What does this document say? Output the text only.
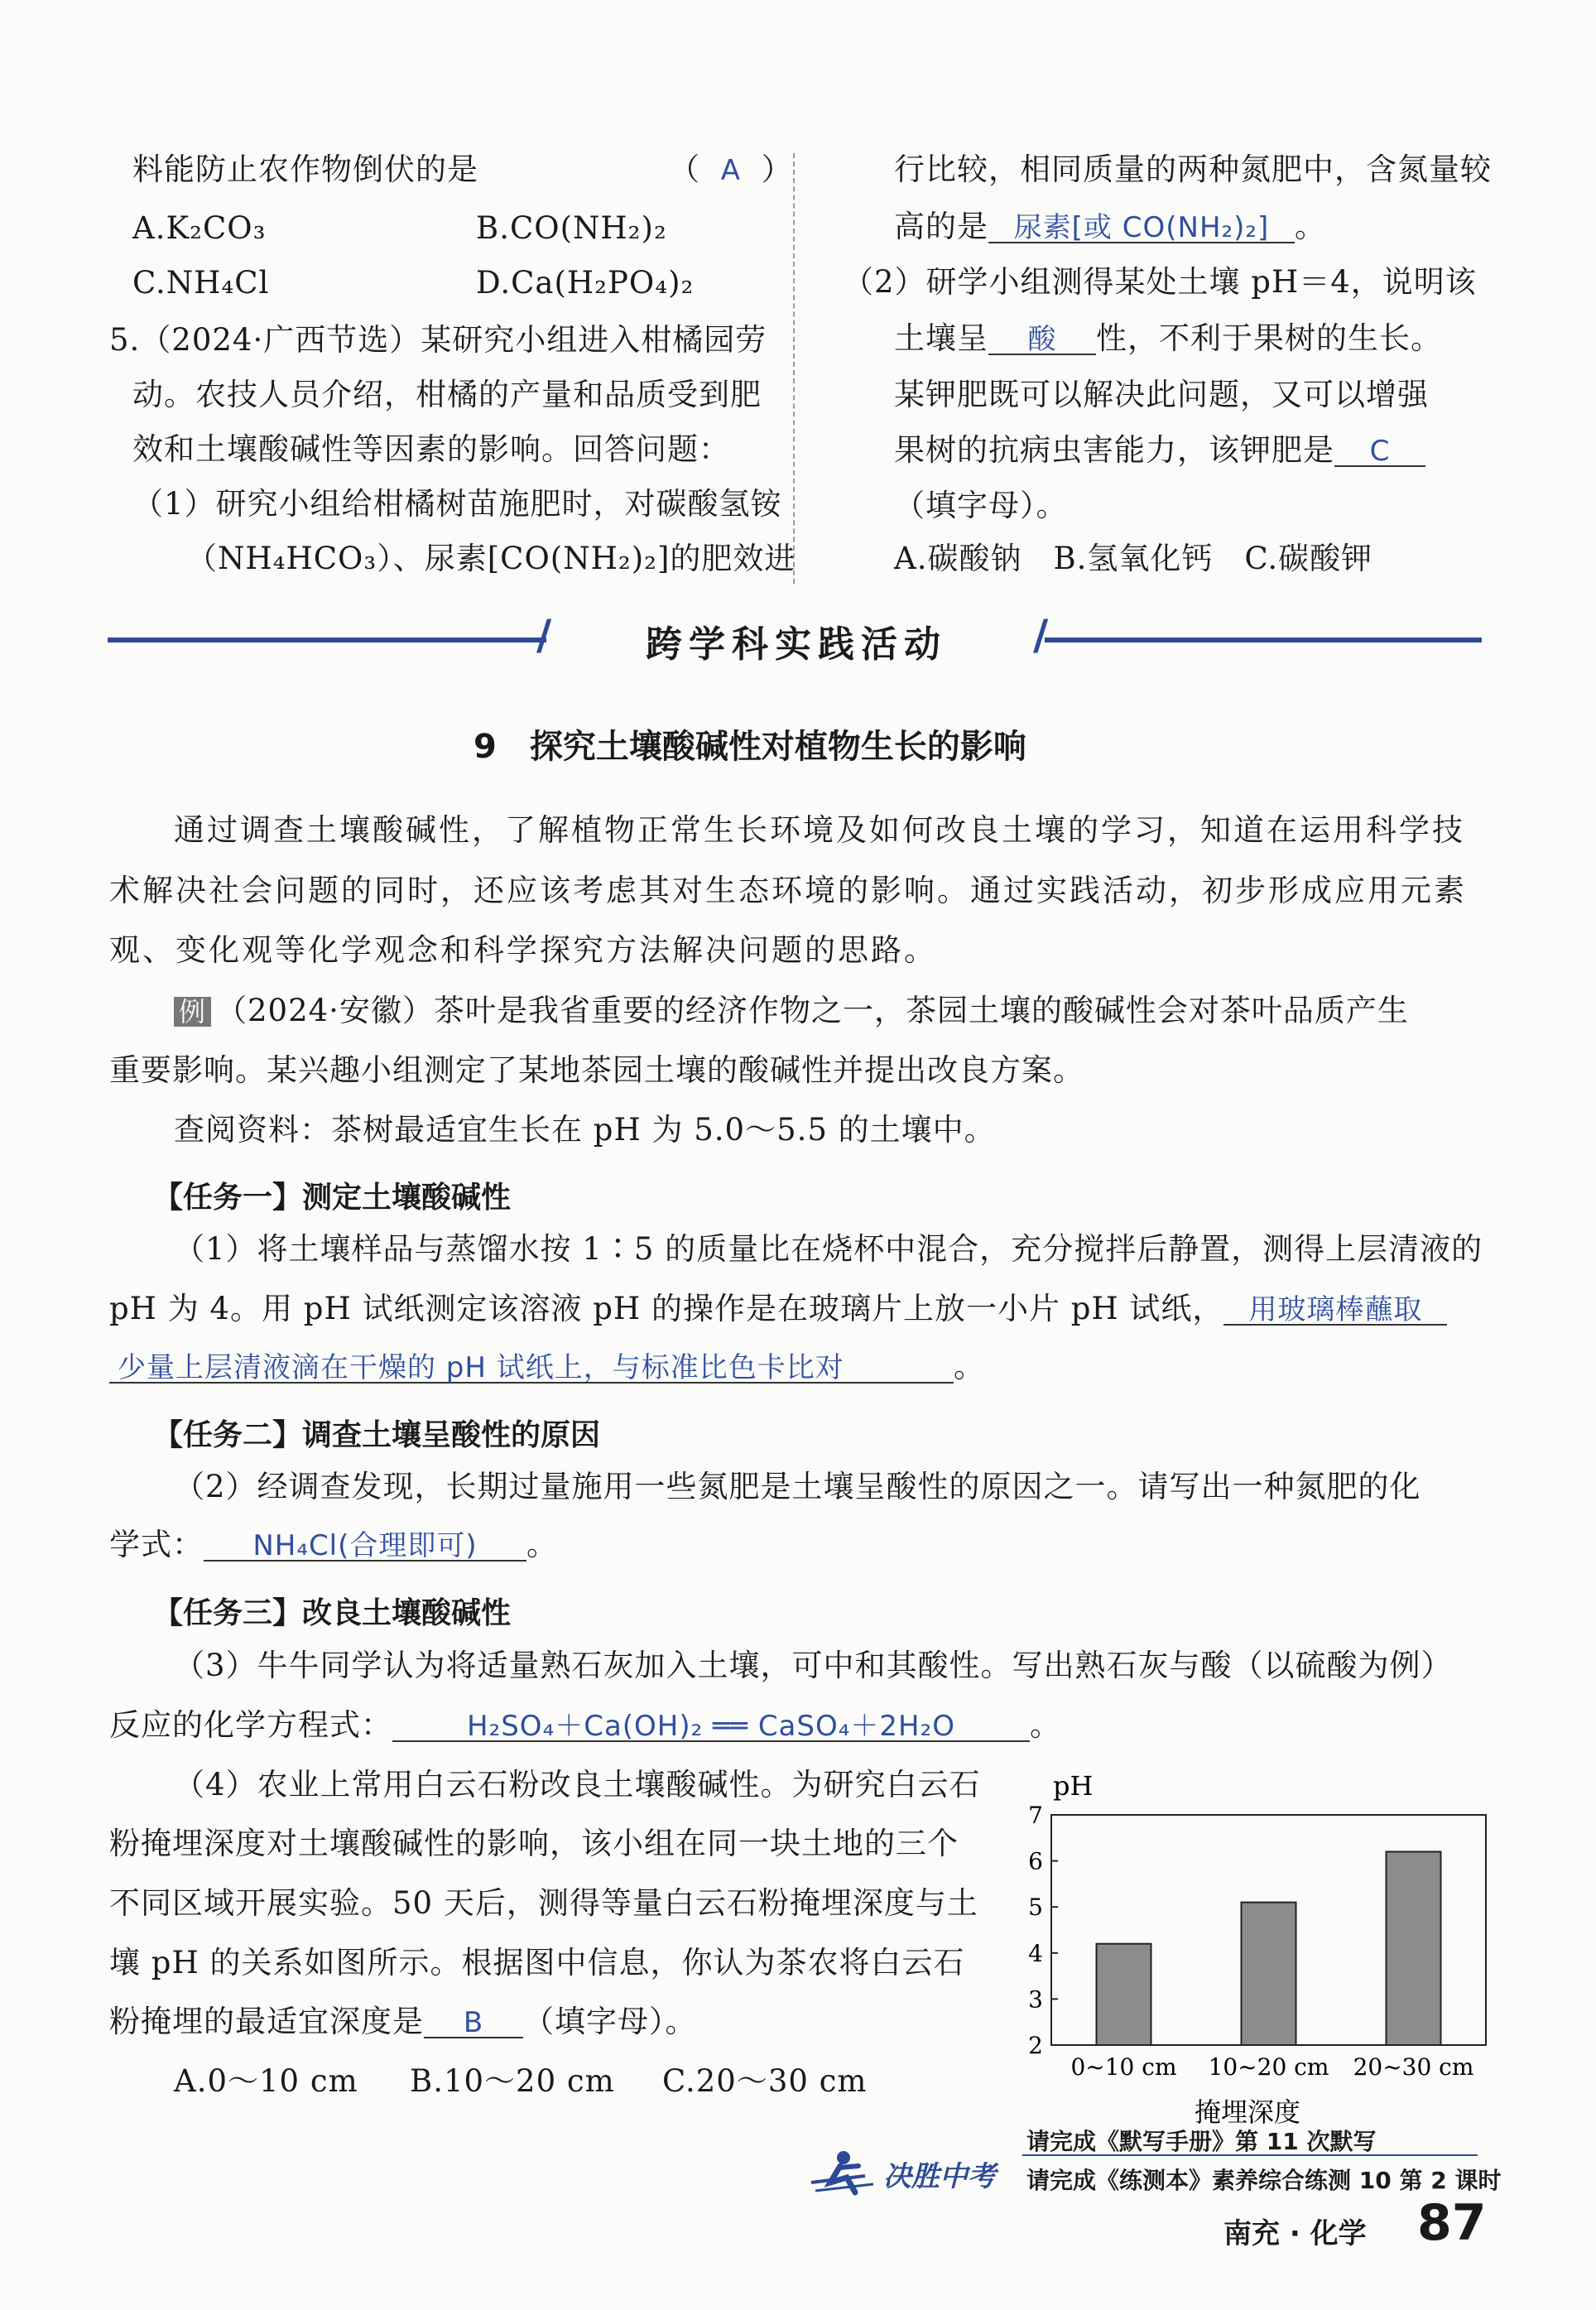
料能防止农作物倒伏的是	（ A ）
A.K₂CO₃	B.CO(NH₂)₂
C.NH₄Cl	D.Ca(H₂PO₄)₂
5.（2024·广西节选）某研究小组进入柑橘园劳
动。农技人员介绍，柑橘的产量和品质受到肥
效和土壤酸碱性等因素的影响。回答问题：
（1）研究小组给柑橘树苗施肥时，对碳酸氢铵
（NH₄HCO₃）、尿素[CO(NH₂)₂]的肥效进
行比较，相同质量的两种氮肥中，含氮量较
高的是 尿素[或 CO(NH₂)₂] 。
（2）研学小组测得某处土壤 pH＝4，说明该
土壤呈 酸 性，不利于果树的生长。
某钾肥既可以解决此问题，又可以增强
果树的抗病虫害能力，该钾肥是 C
（填字母）。
A.碳酸钠　B.氢氧化钙　C.碳酸钾
/	/
跨学科实践活动
9　探究土壤酸碱性对植物生长的影响
通过调查土壤酸碱性，了解植物正常生长环境及如何改良土壤的学习，知道在运用科学技
术解决社会问题的同时，还应该考虑其对生态环境的影响。通过实践活动，初步形成应用元素
观、变化观等化学观念和科学探究方法解决问题的思路。
例 （2024·安徽）茶叶是我省重要的经济作物之一，茶园土壤的酸碱性会对茶叶品质产生
重要影响。某兴趣小组测定了某地茶园土壤的酸碱性并提出改良方案。
查阅资料：茶树最适宜生长在 pH 为 5.0～5.5 的土壤中。
【任务一】测定土壤酸碱性
（1）将土壤样品与蒸馏水按 1∶5 的质量比在烧杯中混合，充分搅拌后静置，测得上层清液的
pH 为 4。用 pH 试纸测定该溶液 pH 的操作是在玻璃片上放一小片 pH 试纸， 用玻璃棒蘸取
少量上层清液滴在干燥的 pH 试纸上，与标准比色卡比对	。
【任务二】调查土壤呈酸性的原因
（2）经调查发现，长期过量施用一些氮肥是土壤呈酸性的原因之一。请写出一种氮肥的化
学式： NH₄Cl(合理即可) 。
【任务三】改良土壤酸碱性
（3）牛牛同学认为将适量熟石灰加入土壤，可中和其酸性。写出熟石灰与酸（以硫酸为例）
反应的化学方程式：	H₂SO₄＋Ca(OH)₂ ══ CaSO₄＋2H₂O 。
（4）农业上常用白云石粉改良土壤酸碱性。为研究白云石
粉掩埋深度对土壤酸碱性的影响，该小组在同一块土地的三个
不同区域开展实验。50 天后，测得等量白云石粉掩埋深度与土
壤 pH 的关系如图所示。根据图中信息，你认为茶农将白云石
粉掩埋的最适宜深度是 B （填字母）。
A.0～10 cm B.10～20 cm C.20～30 cm
pH
掩埋深度
2
3
4
5
6
7
0~10 cm 10~20 cm 20~30 cm
决胜中考
请完成《默写手册》第 11 次默写
请完成《练测本》素养综合练测 10 第 2 课时
南充 · 化学 87
